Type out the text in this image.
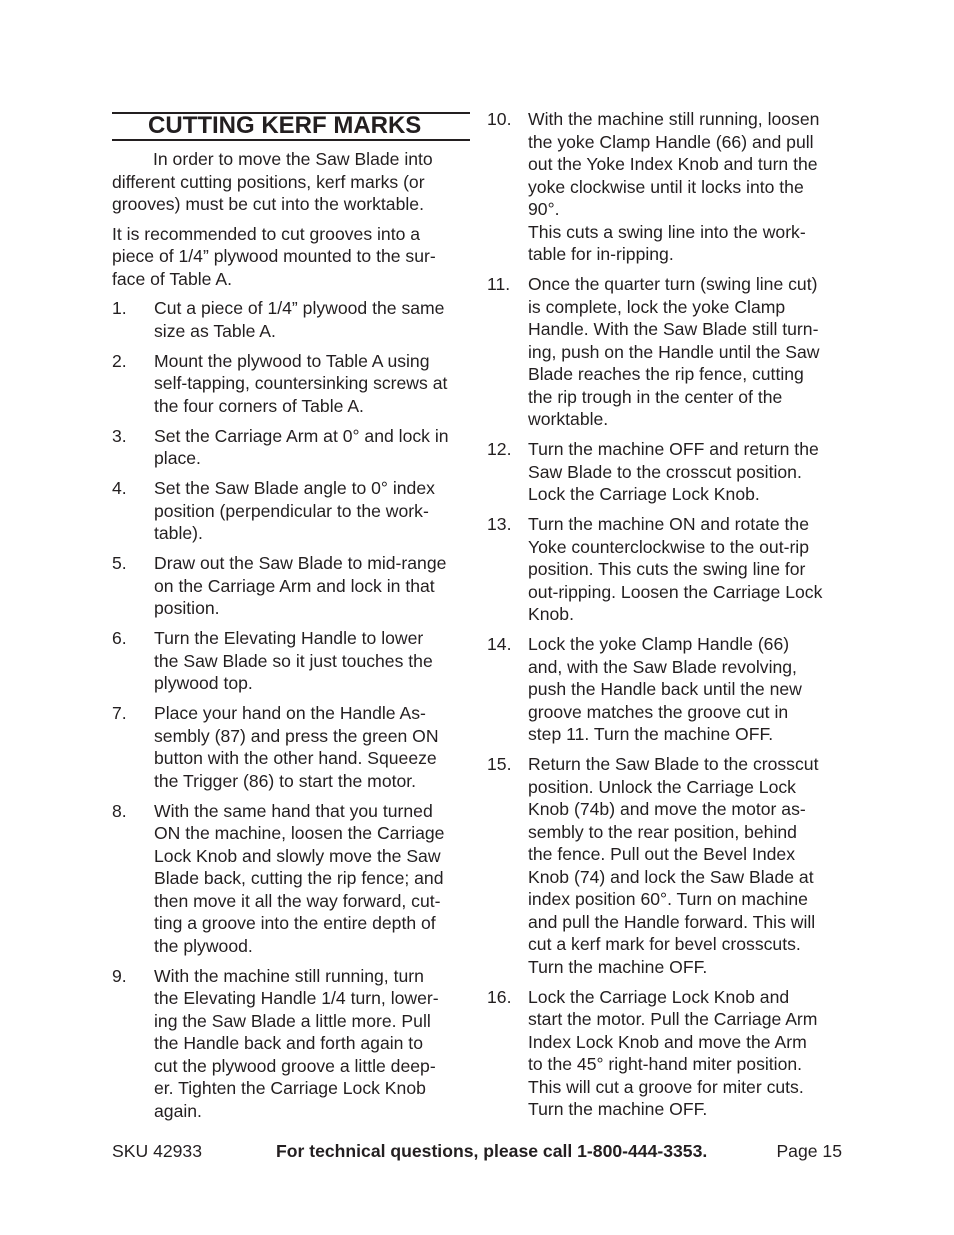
CUTTING KERF MARKS

In order to move the Saw Blade into
different cutting positions, kerf marks (or
grooves) must be cut into the worktable.

It is recommended to cut grooves into a
piece of 1/4” plywood mounted to the sur-
face of Table A.

1. Cut a piece of 1/4” plywood the same
size as Table A.
2. Mount the plywood to Table A using
self-tapping, countersinking screws at
the four corners of Table A.
3. Set the Carriage Arm at 0° and lock in
place.
4. Set the Saw Blade angle to 0° index
position (perpendicular to the work-
table).
5. Draw out the Saw Blade to mid-range
on the Carriage Arm and lock in that
position.
6. Turn the Elevating Handle to lower
the Saw Blade so it just touches the
plywood top.
7. Place your hand on the Handle As-
sembly (87) and press the green ON
button with the other hand. Squeeze
the Trigger (86) to start the motor.
8. With the same hand that you turned
ON the machine, loosen the Carriage
Lock Knob and slowly move the Saw
Blade back, cutting the rip fence; and
then move it all the way forward, cut-
ting a groove into the entire depth of
the plywood.
9. With the machine still running, turn
the Elevating Handle 1/4 turn, lower-
ing the Saw Blade a little more. Pull
the Handle back and forth again to
cut the plywood groove a little deep-
er. Tighten the Carriage Lock Knob
again.
10. With the machine still running, loosen
the yoke Clamp Handle (66) and pull
out the Yoke Index Knob and turn the
yoke clockwise until it locks into the
90°.
This cuts a swing line into the work-
table for in-ripping.
11. Once the quarter turn (swing line cut)
is complete, lock the yoke Clamp
Handle. With the Saw Blade still turn-
ing, push on the Handle until the Saw
Blade reaches the rip fence, cutting
the rip trough in the center of the
worktable.
12. Turn the machine OFF and return the
Saw Blade to the crosscut position.
Lock the Carriage Lock Knob.
13. Turn the machine ON and rotate the
Yoke counterclockwise to the out-rip
position. This cuts the swing line for
out-ripping. Loosen the Carriage Lock
Knob.
14. Lock the yoke Clamp Handle (66)
and, with the Saw Blade revolving,
push the Handle back until the new
groove matches the groove cut in
step 11. Turn the machine OFF.
15. Return the Saw Blade to the crosscut
position. Unlock the Carriage Lock
Knob (74b) and move the motor as-
sembly to the rear position, behind
the fence. Pull out the Bevel Index
Knob (74) and lock the Saw Blade at
index position 60°. Turn on machine
and pull the Handle forward. This will
cut a kerf mark for bevel crosscuts.
Turn the machine OFF.
16. Lock the Carriage Lock Knob and
start the motor. Pull the Carriage Arm
Index Lock Knob and move the Arm
to the 45° right-hand miter position.
This will cut a groove for miter cuts.
Turn the machine OFF.
SKU 42933	For technical questions, please call 1-800-444-3353.	Page 15
